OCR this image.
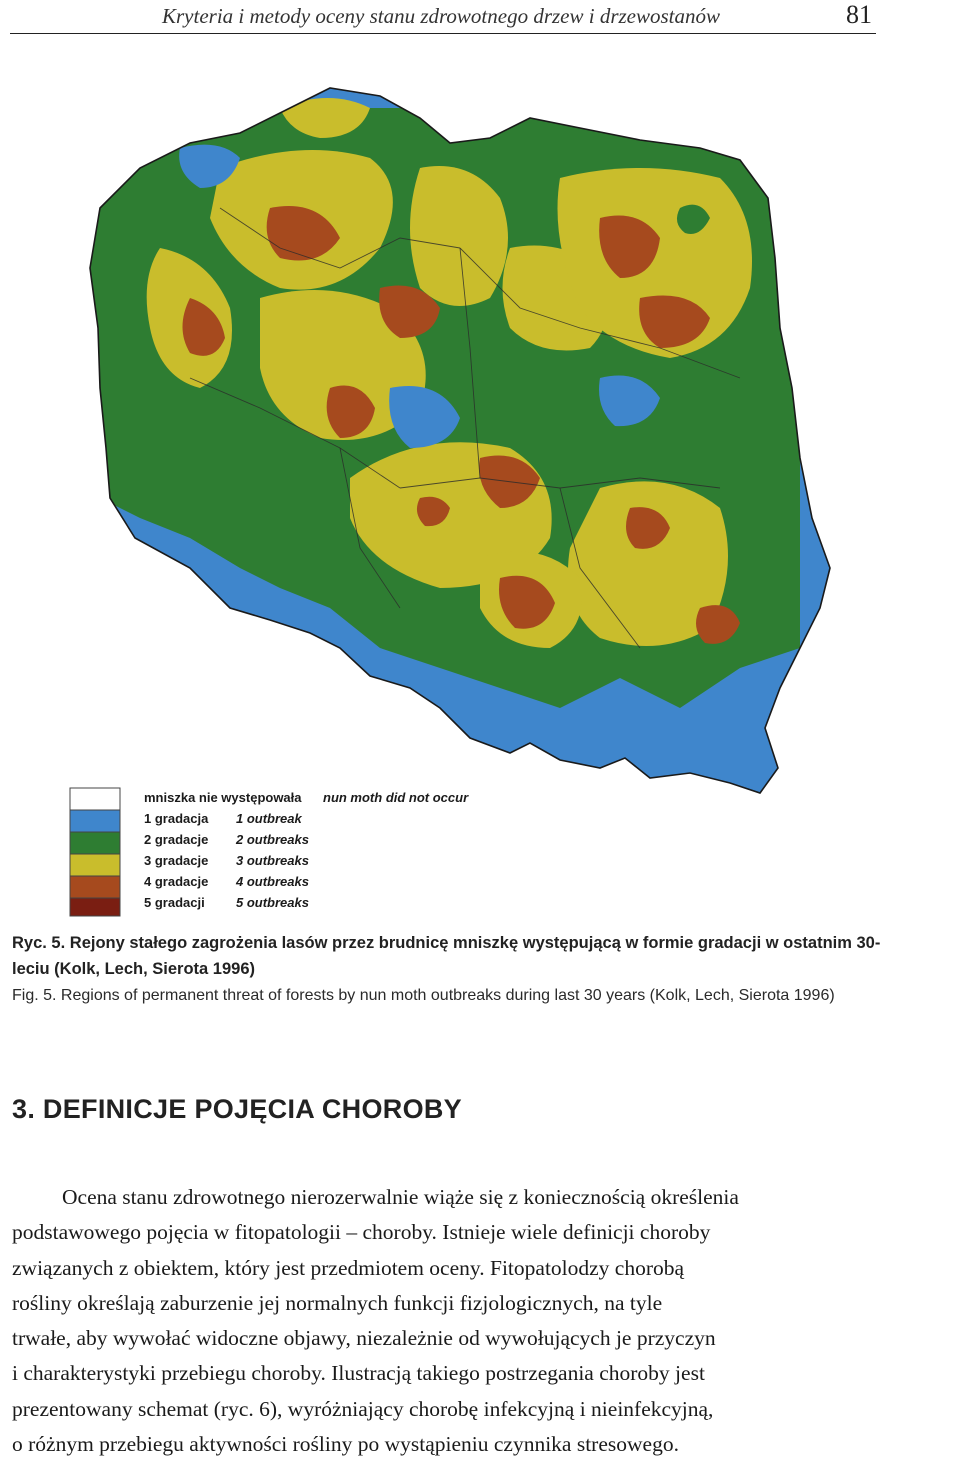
Kryteria i metody oceny stanu zdrowotnego drzew i drzewostanów	81
mniszka nie występowała nun moth did not occur
1 gradacja 1 outbreak
2 gradacje 2 outbreaks
3 gradacje 3 outbreaks
4 gradacje 4 outbreaks
5 gradacji 5 outbreaks
Ryc. 5. Rejony stałego zagrożenia lasów przez brudnicę mniszkę występującą w formie gradacji w ostatnim 30-leciu (Kolk, Lech, Sierota 1996)
Fig. 5. Regions of permanent threat of forests by nun moth outbreaks during last 30 years (Kolk, Lech, Sierota 1996)
3. DEFINICJE POJĘCIA CHOROBY
Ocena stanu zdrowotnego nierozerwalnie wiąże się z koniecznością określenia
podstawowego pojęcia w fitopatologii – choroby. Istnieje wiele definicji choroby
związanych z obiektem, który jest przedmiotem oceny. Fitopatolodzy chorobą
rośliny określają zaburzenie jej normalnych funkcji fizjologicznych, na tyle
trwałe, aby wywołać widoczne objawy, niezależnie od wywołujących je przyczyn
i charakterystyki przebiegu choroby. Ilustracją takiego postrzegania choroby jest
prezentowany schemat (ryc. 6), wyróżniający chorobę infekcyjną i nieinfekcyjną,
o różnym przebiegu aktywności rośliny po wystąpieniu czynnika stresowego.
